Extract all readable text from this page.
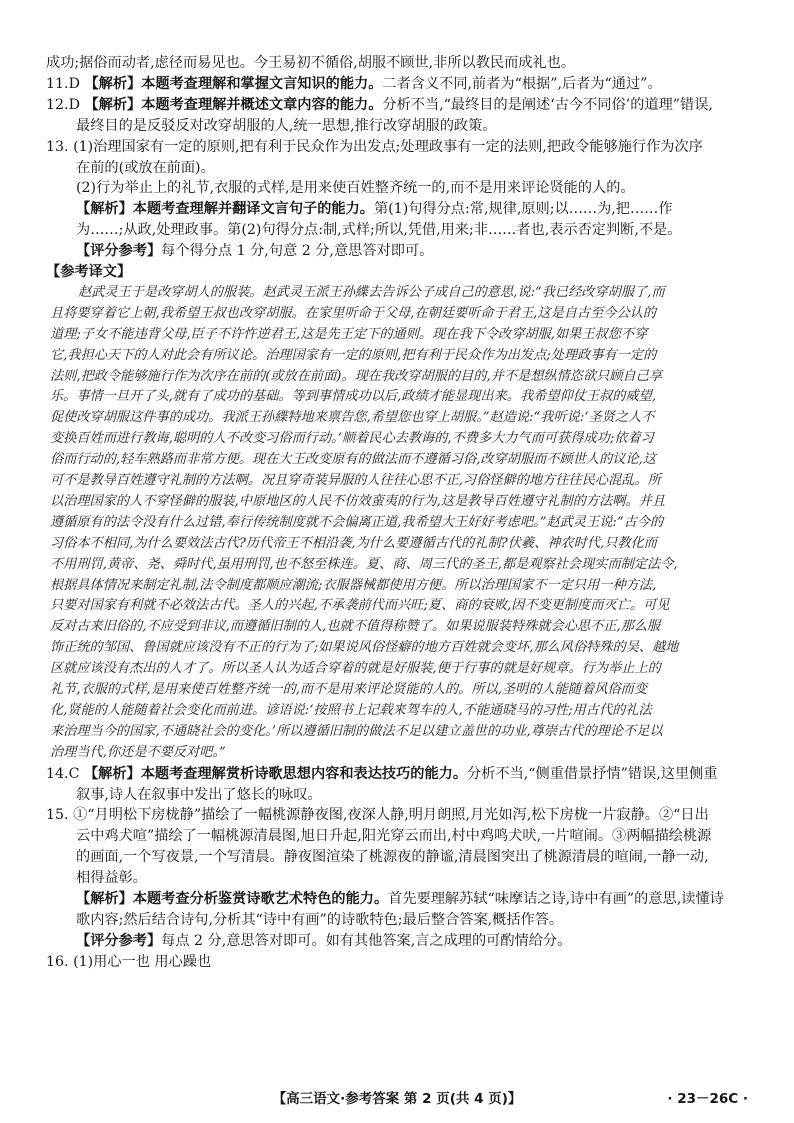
成功;据俗而动者,虑径而易见也。今王易初不循俗,胡服不顾世,非所以教民而成礼也。
11.D 【解析】本题考查理解和掌握文言知识的能力。二者含义不同,前者为“根据”,后者为“通过”。
12.D 【解析】本题考查理解并概述文章内容的能力。分析不当,“最终目的是阐述‘古今不同俗’的道理”错误,
最终目的是反驳反对改穿胡服的人,统一思想,推行改穿胡服的政策。
13. (1)治理国家有一定的原则,把有利于民众作为出发点;处理政事有一定的法则,把政令能够施行作为次序
在前的(或放在前面)。
(2)行为举止上的礼节,衣服的式样,是用来使百姓整齐统一的,而不是用来评论贤能的人的。
【解析】本题考查理解并翻译文言句子的能力。第(1)句得分点:常,规律,原则;以……为,把……作
为……;从政,处理政事。第(2)句得分点:制,式样;所以,凭借,用来;非……者也,表示否定判断,不是。
【评分参考】每个得分点 1 分,句意 2 分,意思答对即可。
【参考译文】
赵武灵王于是改穿胡人的服装。赵武灵王派王孙緤去告诉公子成自己的意思,说:“我已经改穿胡服了,而
且将要穿着它上朝,我希望王叔也改穿胡服。在家里听命于父母,在朝廷要听命于君王,这是自古至今公认的
道理;子女不能违背父母,臣子不许忤逆君王,这是先王定下的通则。现在我下令改穿胡服,如果王叔您不穿
它,我担心天下的人对此会有所议论。治理国家有一定的原则,把有利于民众作为出发点;处理政事有一定的
法则,把政令能够施行作为次序在前的(或放在前面)。现在我改穿胡服的目的,并不是想纵情恣欲只顾自己享
乐。事情一旦开了头,就有了成功的基础。等到事情成功以后,政绩才能显现出来。我希望仰仗王叔的威望,
促使改穿胡服这件事的成功。我派王孙緤特地来禀告您,希望您也穿上胡服。”赵造说:“我听说:‘圣贤之人不
变换百姓而进行教诲,聪明的人不改变习俗而行动。’顺着民心去教诲的,不费多大力气而可获得成功;依着习
俗而行动的,轻车熟路而非常方便。现在大王改变原有的做法而不遵循习俗,改穿胡服而不顾世人的议论,这
可不是教导百姓遵守礼制的方法啊。况且穿奇装异服的人往往心思不正,习俗怪僻的地方往往民心混乱。所
以治理国家的人不穿怪僻的服装,中原地区的人民不仿效蛮夷的行为,这是教导百姓遵守礼制的方法啊。并且
遵循原有的法令没有什么过错,奉行传统制度就不会偏离正道,我希望大王好好考虑吧。”赵武灵王说:“古今的
习俗本不相同,为什么要效法古代?历代帝王不相沿袭,为什么要遵循古代的礼制?伏羲、神农时代,只教化而
不用刑罚,黄帝、尧、舜时代,虽用刑罚,也不怒至株连。夏、商、周三代的圣王,都是观察社会现实而制定法令,
根据具体情况来制定礼制,法令制度都顺应潮流;衣服器械都使用方便。所以治理国家不一定只用一种方法,
只要对国家有利就不必效法古代。圣人的兴起,不承袭前代而兴旺;夏、商的衰败,因不变更制度而灭亡。可见
反对古来旧俗的,不应受到非议,而遵循旧制的人,也就不值得称赞了。如果说服装特殊就会心思不正,那么服
饰正统的邹国、鲁国就应该没有不正的行为了;如果说风俗怪癖的地方百姓就会变坏,那么风俗特殊的吴、越地
区就应该没有杰出的人才了。所以圣人认为适合穿着的就是好服装,便于行事的就是好规章。行为举止上的
礼节,衣服的式样,是用来使百姓整齐统一的,而不是用来评论贤能的人的。所以,圣明的人能随着风俗而变
化,贤能的人能随着社会变化而前进。谚语说:‘按照书上记载来驾车的人,不能通晓马的习性;用古代的礼法
来治理当今的国家,不通晓社会的变化。’所以遵循旧制的做法不足以建立盖世的功业,尊崇古代的理论不足以
治理当代,你还是不要反对吧。”
14.C 【解析】本题考查理解赏析诗歌思想内容和表达技巧的能力。分析不当,“侧重借景抒情”错误,这里侧重
叙事,诗人在叙事中发出了悠长的咏叹。
15. ①“月明松下房栊静”描绘了一幅桃源静夜图,夜深人静,明月朗照,月光如泻,松下房栊一片寂静。②“日出
云中鸡犬喧”描绘了一幅桃源清晨图,旭日升起,阳光穿云而出,村中鸡鸣犬吠,一片喧闹。③两幅描绘桃源
的画面,一个写夜景,一个写清晨。静夜图渲染了桃源夜的静谧,清晨图突出了桃源清晨的喧闹,一静一动,
相得益彰。
【解析】本题考查分析鉴赏诗歌艺术特色的能力。首先要理解苏轼“味摩诘之诗,诗中有画”的意思,读懂诗
歌内容;然后结合诗句,分析其“诗中有画”的诗歌特色;最后整合答案,概括作答。
【评分参考】每点 2 分,意思答对即可。如有其他答案,言之成理的可酌情给分。
16. (1)用心一也 用心躁也
【高三语文·参考答案 第 2 页(共 4 页)】	· 23－26C ·
